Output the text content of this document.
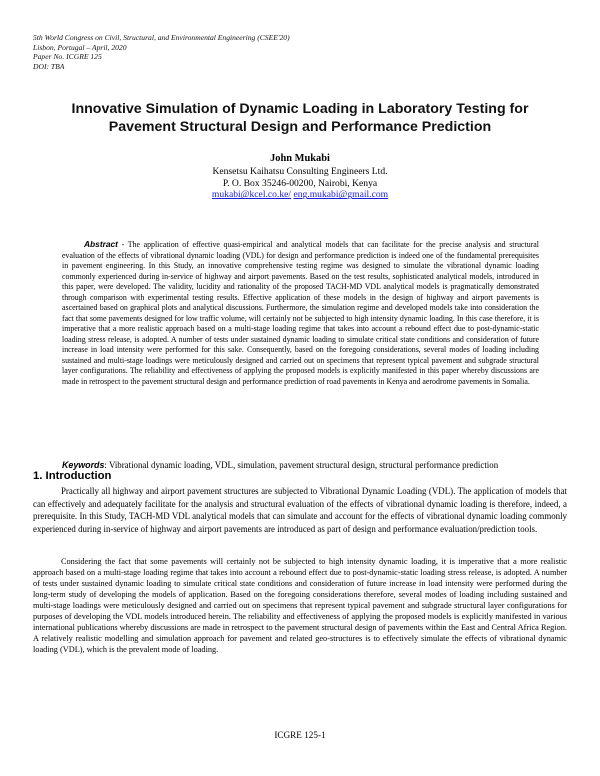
5th World Congress on Civil, Structural, and Environmental Engineering (CSEE'20)
Lisbon, Portugal – April, 2020
Paper No. ICGRE 125
DOI: TBA
Innovative Simulation of Dynamic Loading in Laboratory Testing for Pavement Structural Design and Performance Prediction
John Mukabi
Kensetsu Kaihatsu Consulting Engineers Ltd.
P. O. Box 35246-00200, Nairobi, Kenya
mukabi@kcel.co.ke/ eng.mukabi@gmail.com
Abstract - The application of effective quasi-empirical and analytical models that can facilitate for the precise analysis and structural evaluation of the effects of vibrational dynamic loading (VDL) for design and performance prediction is indeed one of the fundamental prerequisites in pavement engineering. In this Study, an innovative comprehensive testing regime was designed to simulate the vibrational dynamic loading commonly experienced during in-service of highway and airport pavements. Based on the test results, sophisticated analytical models, introduced in this paper, were developed. The validity, lucidity and rationality of the proposed TACH-MD VDL analytical models is pragmatically demonstrated through comparison with experimental testing results. Effective application of these models in the design of highway and airport pavements is ascertained based on graphical plots and analytical discussions. Furthermore, the simulation regime and developed models take into consideration the fact that some pavements designed for low traffic volume, will certainly not be subjected to high intensity dynamic loading. In this case therefore, it is imperative that a more realistic approach based on a multi-stage loading regime that takes into account a rebound effect due to post-dynamic-static loading stress release, is adopted. A number of tests under sustained dynamic loading to simulate critical state conditions and consideration of future increase in load intensity were performed for this sake. Consequently, based on the foregoing considerations, several modes of loading including sustained and multi-stage loadings were meticulously designed and carried out on specimens that represent typical pavement and subgrade structural layer configurations. The reliability and effectiveness of applying the proposed models is explicitly manifested in this paper whereby discussions are made in retrospect to the pavement structural design and performance prediction of road pavements in Kenya and aerodrome pavements in Somalia.
Keywords: Vibrational dynamic loading, VDL, simulation, pavement structural design, structural performance prediction
1. Introduction

Practically all highway and airport pavement structures are subjected to Vibrational Dynamic Loading (VDL). The application of models that can effectively and adequately facilitate for the analysis and structural evaluation of the effects of vibrational dynamic loading is therefore, indeed, a prerequisite. In this Study, TACH-MD VDL analytical models that can simulate and account for the effects of vibrational dynamic loading commonly experienced during in-service of highway and airport pavements are introduced as part of design and performance evaluation/prediction tools.

Considering the fact that some pavements will certainly not be subjected to high intensity dynamic loading, it is imperative that a more realistic approach based on a multi-stage loading regime that takes into account a rebound effect due to post-dynamic-static loading stress release, is adopted. A number of tests under sustained dynamic loading to simulate critical state conditions and consideration of future increase in load intensity were performed during the long-term study of developing the models of application. Based on the foregoing considerations therefore, several modes of loading including sustained and multi-stage loadings were meticulously designed and carried out on specimens that represent typical pavement and subgrade structural layer configurations for purposes of developing the VDL models introduced herein. The reliability and effectiveness of applying the proposed models is explicitly manifested in various international publications whereby discussions are made in retrospect to the pavement structural design of pavements within the East and Central Africa Region. A relatively realistic modelling and simulation approach for pavement and related geo-structures is to effectively simulate the effects of vibrational dynamic loading (VDL), which is the prevalent mode of loading.

ICGRE 125-1
